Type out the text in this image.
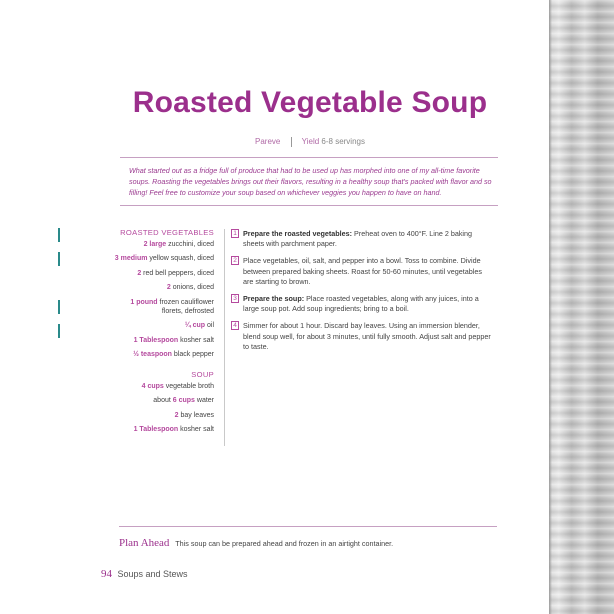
Roasted Vegetable Soup
Pareve	Yield 6-8 servings

What started out as a fridge full of produce that had to be used up has morphed into one of my all-time favorite soups. Roasting the vegetables brings out their flavors, resulting in a healthy soup that's packed with flavor and so filling! Feel free to customize your soup based on whichever veggies you happen to have on hand.

ROASTED VEGETABLES
2 large zucchini, diced
3 medium yellow squash, diced
2 red bell peppers, diced
2 onions, diced
1 pound frozen cauliflower florets, defrosted
¼ cup oil
1 Tablespoon kosher salt
½ teaspoon black pepper
SOUP
4 cups vegetable broth
about 6 cups water
2 bay leaves
1 Tablespoon kosher salt
1 Prepare the roasted vegetables: Preheat oven to 400°F. Line 2 baking sheets with parchment paper.
2 Place vegetables, oil, salt, and pepper into a bowl. Toss to combine. Divide between prepared baking sheets. Roast for 50-60 minutes, until vegetables are starting to brown.
3 Prepare the soup: Place roasted vegetables, along with any juices, into a large soup pot. Add soup ingredients; bring to a boil.
4 Simmer for about 1 hour. Discard bay leaves. Using an immersion blender, blend soup well, for about 3 minutes, until fully smooth. Adjust salt and pepper to taste.
Plan Ahead This soup can be prepared ahead and frozen in an airtight container.
94 Soups and Stews
